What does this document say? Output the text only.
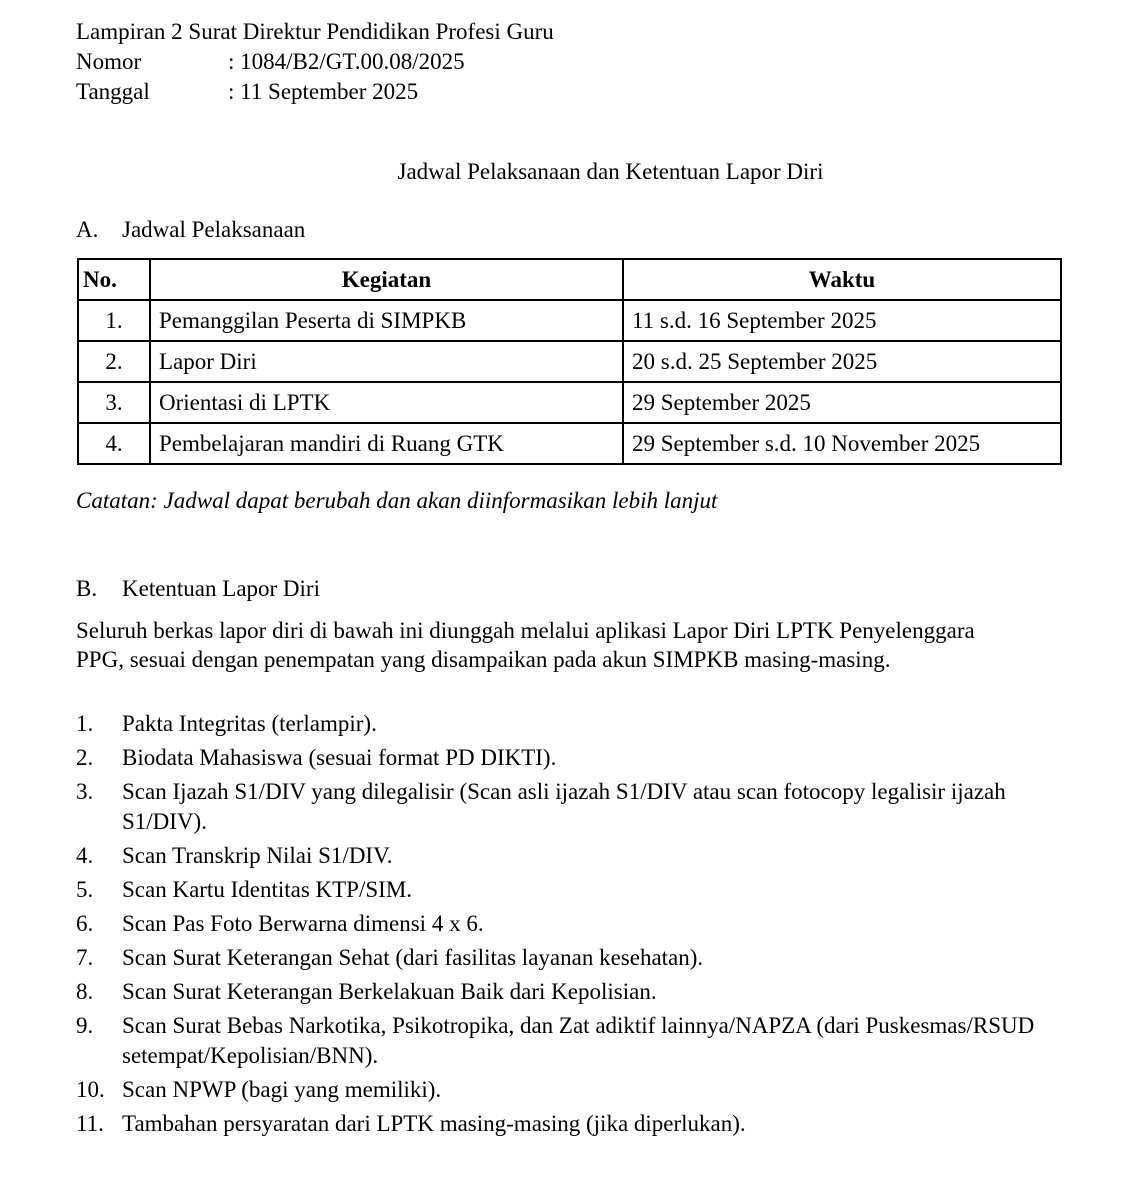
Lampiran 2 Surat Direktur Pendidikan Profesi Guru
Nomor	: 1084/B2/GT.00.08/2025
Tanggal	: 11 September 2025
Jadwal Pelaksanaan dan Ketentuan Lapor Diri
A.	Jadwal Pelaksanaan
No.	Kegiatan	Waktu
1.	Pemanggilan Peserta di SIMPKB	11 s.d. 16 September 2025
2.	Lapor Diri	20 s.d. 25 September 2025
3.	Orientasi di LPTK	29 September 2025
4.	Pembelajaran mandiri di Ruang GTK	29 September s.d. 10 November 2025
Catatan: Jadwal dapat berubah dan akan diinformasikan lebih lanjut
B.	Ketentuan Lapor Diri
Seluruh berkas lapor diri di bawah ini diunggah melalui aplikasi Lapor Diri LPTK Penyelenggara PPG, sesuai dengan penempatan yang disampaikan pada akun SIMPKB masing-masing.
1.	Pakta Integritas (terlampir).
2.	Biodata Mahasiswa (sesuai format PD DIKTI).
3.	Scan Ijazah S1/DIV yang dilegalisir (Scan asli ijazah S1/DIV atau scan fotocopy legalisir ijazah S1/DIV).
4.	Scan Transkrip Nilai S1/DIV.
5.	Scan Kartu Identitas KTP/SIM.
6.	Scan Pas Foto Berwarna dimensi 4 x 6.
7.	Scan Surat Keterangan Sehat (dari fasilitas layanan kesehatan).
8.	Scan Surat Keterangan Berkelakuan Baik dari Kepolisian.
9.	Scan Surat Bebas Narkotika, Psikotropika, dan Zat adiktif lainnya/NAPZA (dari Puskesmas/RSUD setempat/Kepolisian/BNN).
10. Scan NPWP (bagi yang memiliki).
11. Tambahan persyaratan dari LPTK masing-masing (jika diperlukan).
